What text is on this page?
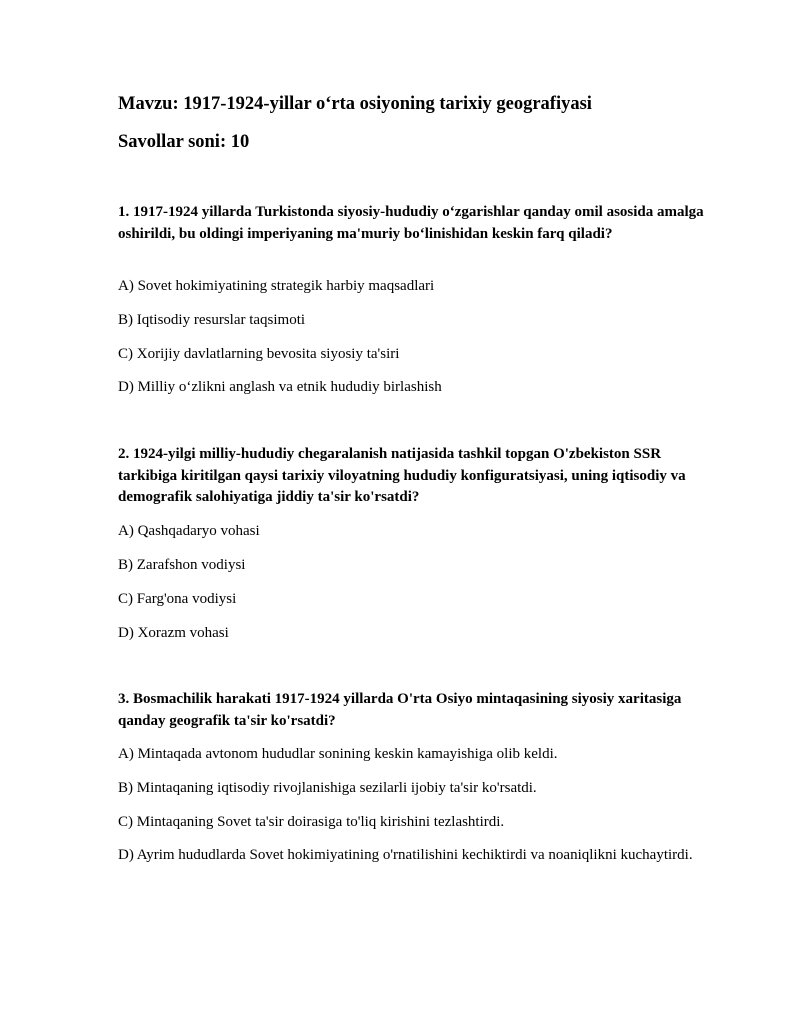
Mavzu: 1917-1924-yillar o‘rta osiyoning tarixiy geografiyasi
Savollar soni: 10

1. 1917-1924 yillarda Turkistonda siyosiy-hududiy o‘zgarishlar qanday omil asosida amalga oshirildi, bu oldingi imperiyaning ma'muriy bo‘linishidan keskin farq qiladi?

A) Sovet hokimiyatining strategik harbiy maqsadlari

B) Iqtisodiy resurslar taqsimoti

C) Xorijiy davlatlarning bevosita siyosiy ta'siri

D) Milliy o‘zlikni anglash va etnik hududiy birlashish

2. 1924-yilgi milliy-hududiy chegaralanish natijasida tashkil topgan O'zbekiston SSR tarkibiga kiritilgan qaysi tarixiy viloyatning hududiy konfiguratsiyasi, uning iqtisodiy va demografik salohiyatiga jiddiy ta'sir ko'rsatdi?

A) Qashqadaryo vohasi

B) Zarafshon vodiysi

C) Farg'ona vodiysi

D) Xorazm vohasi

3. Bosmachilik harakati 1917-1924 yillarda O'rta Osiyo mintaqasining siyosiy xaritasiga qanday geografik ta'sir ko'rsatdi?

A) Mintaqada avtonom hududlar sonining keskin kamayishiga olib keldi.

B) Mintaqaning iqtisodiy rivojlanishiga sezilarli ijobiy ta'sir ko'rsatdi.

C) Mintaqaning Sovet ta'sir doirasiga to'liq kirishini tezlashtirdi.

D) Ayrim hududlarda Sovet hokimiyatining o'rnatilishini kechiktirdi va noaniqlikni kuchaytirdi.
